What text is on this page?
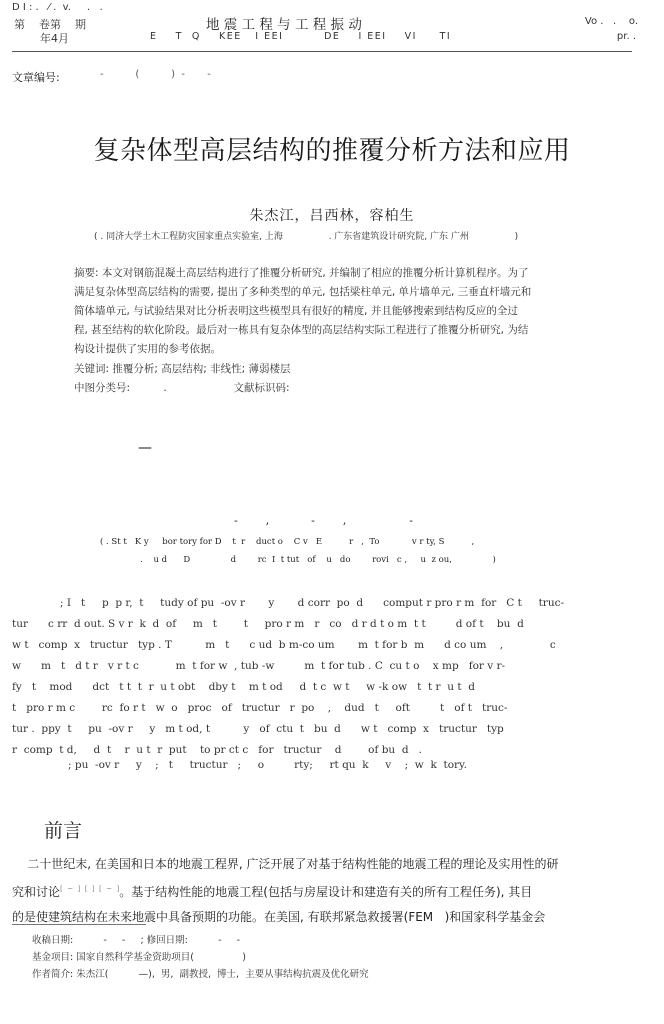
D I : .   ⁄ .  v.     .   .
第    卷第    期
年4月
地 震 工 程 与 工 程 振 动
E    T  Q    KEE   I EEI         DE    I EEI    VI     TI
Vo .   .    o.
pr. .
文章编号:	-          (          )  -       -
复杂体型高层结构的推覆分析方法和应用
朱杰江，吕西林，容柏生
( . 同济大学土木工程防灾国家重点实验室, 上海                . 广东省建筑设计研究院, 广东 广州                )
摘要: 本文对钢筋混凝土高层结构进行了推覆分析研究, 并编制了相应的推覆分析计算机程序。为了
满足复杂体型高层结构的需要, 提出了多种类型的单元, 包括梁柱单元, 单片墙单元, 三垂直杆墙元和
简体墙单元, 与试验结果对比分析表明这些模型具有很好的精度, 并且能够搜索到结构反应的全过
程, 甚至结构的软化阶段。最后对一栋具有复杂体型的高层结构实际工程进行了推覆分析研究, 为结
构设计提供了实用的参考依据。
关键词: 推覆分析; 高层结构; 非线性; 薄弱楼层
中图分类号:          .                    文献标识码:
—
-        ,            -        ,                  -
( . St t   K y     bor tory for D    t  r    duct o    C v   E          r   ,  To            v r ty, S          ,
.    u d      D               d        rc  I  t tut   of    u   do        rovi   c ,     u  z ou,               )
; I   t     p  p r,  t     tudy of pu  -ov r       y       d corr  po  d      comput r pro r m  for   C t     truc-
tur      c rr  d out. S v r  k  d  of     m   t        t     pro r m   r   co   d r d t o m  t t         d of t    bu  d
w t   comp  x   tructur   typ . T          m   t      c ud  b m-co um       m  t for b  m      d co um    ,              c
w      m   t   d t r   v r t c           m  t for w  , tub -w         m  t for tub . C  cu t o    x mp   for v r-
fy   t    mod      dct   t t  t  r  u t obt    dby t    m t od     d  t c  w t     w -k ow   t  t r  u t  d
t   pro r m c        rc  fo r t   w  o   proc   of   tructur   r  po    ,    dud   t     oft         t   of t   truc-
tur .  ppy  t     pu  -ov r     y   m t od, t          y   of  ctu  t   bu  d      w t   comp  x   tructur   typ
r  comp  t d,     d  t    r  u t  r  put    to pr ct c   for   tructur    d        of bu  d   .
; pu  -ov r     y    ;   t     tructur   ;     o         rty;     rt qu  k     v    ;  w  k  tory.
前言
二十世纪末, 在美国和日本的地震工程界, 广泛开展了对基于结构性能的地震工程的理论及实用性的研
究和讨论[  ~  ]  [  ]  [  ~  ]。基于结构性能的地震工程(包括与房屋设计和建造有关的所有工程任务), 其目
的是使建筑结构在未来地震中具备预期的功能。在美国, 有联邦紧急救援署(FEM   )和国家科学基金会
收稿日期:          -     -     ; 修回日期:          -     -
基金项目: 国家自然科学基金资助项目(                )
作者简介: 朱杰江(          —),  男,  副教授,  博士,  主要从事结构抗震及优化研究
